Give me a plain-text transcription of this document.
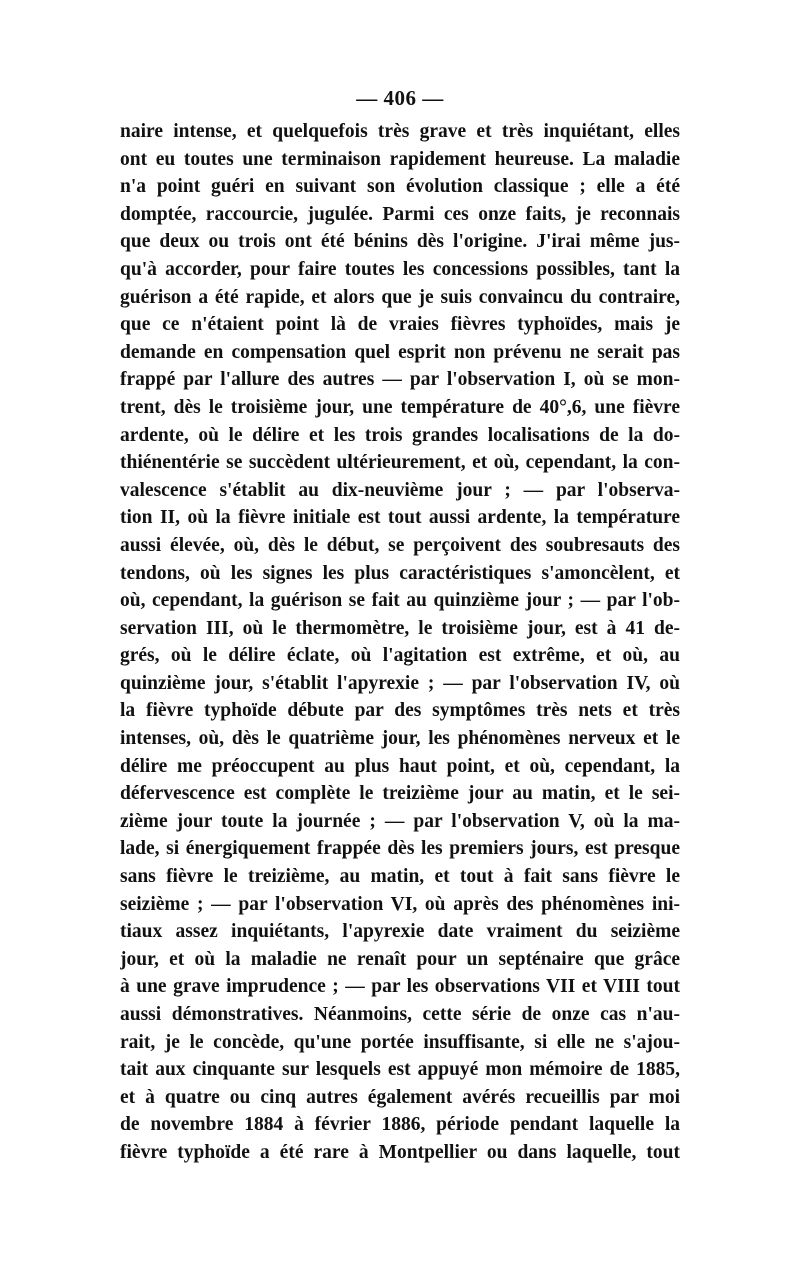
— 406 —
naire intense, et quelquefois très grave et très inquiétant, elles
ont eu toutes une terminaison rapidement heureuse. La maladie
n'a point guéri en suivant son évolution classique ; elle a été
domptée, raccourcie, jugulée. Parmi ces onze faits, je reconnais
que deux ou trois ont été bénins dès l'origine. J'irai même jus-
qu'à accorder, pour faire toutes les concessions possibles, tant la
guérison a été rapide, et alors que je suis convaincu du contraire,
que ce n'étaient point là de vraies fièvres typhoïdes, mais je
demande en compensation quel esprit non prévenu ne serait pas
frappé par l'allure des autres — par l'observation I, où se mon-
trent, dès le troisième jour, une température de 40°,6, une fièvre
ardente, où le délire et les trois grandes localisations de la do-
thiénentérie se succèdent ultérieurement, et où, cependant, la con-
valescence s'établit au dix-neuvième jour ; — par l'observa-
tion II, où la fièvre initiale est tout aussi ardente, la température
aussi élevée, où, dès le début, se perçoivent des soubresauts des
tendons, où les signes les plus caractéristiques s'amoncèlent, et
où, cependant, la guérison se fait au quinzième jour ; — par l'ob-
servation III, où le thermomètre, le troisième jour, est à 41 de-
grés, où le délire éclate, où l'agitation est extrême, et où, au
quinzième jour, s'établit l'apyrexie ; — par l'observation IV, où
la fièvre typhoïde débute par des symptômes très nets et très
intenses, où, dès le quatrième jour, les phénomènes nerveux et le
délire me préoccupent au plus haut point, et où, cependant, la
défervescence est complète le treizième jour au matin, et le sei-
zième jour toute la journée ; — par l'observation V, où la ma-
lade, si énergiquement frappée dès les premiers jours, est presque
sans fièvre le treizième, au matin, et tout à fait sans fièvre le
seizième ; — par l'observation VI, où après des phénomènes ini-
tiaux assez inquiétants, l'apyrexie date vraiment du seizième
jour, et où la maladie ne renaît pour un septénaire que grâce
à une grave imprudence ; — par les observations VII et VIII tout
aussi démonstratives. Néanmoins, cette série de onze cas n'au-
rait, je le concède, qu'une portée insuffisante, si elle ne s'ajou-
tait aux cinquante sur lesquels est appuyé mon mémoire de 1885,
et à quatre ou cinq autres également avérés recueillis par moi
de novembre 1884 à février 1886, période pendant laquelle la
fièvre typhoïde a été rare à Montpellier ou dans laquelle, tout
